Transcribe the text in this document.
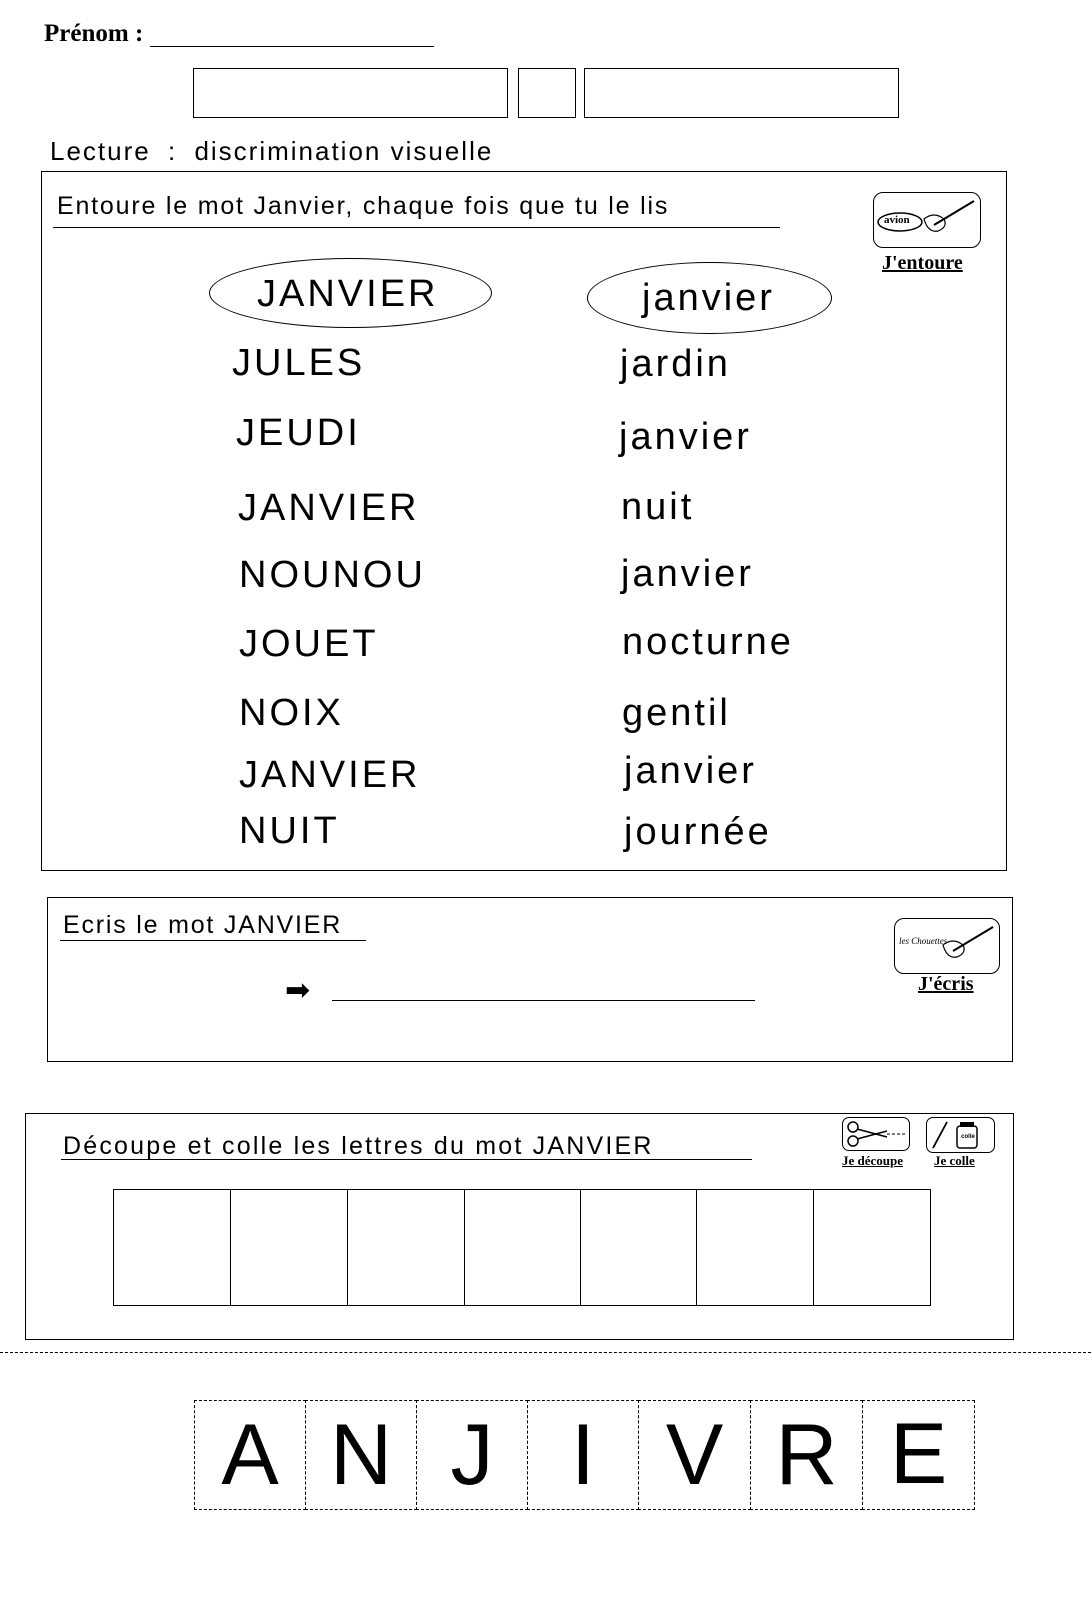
Prénom :
Lecture : discrimination visuelle
Entoure le mot Janvier, chaque fois que tu le lis	avion
J'entoure
JANVIER
JULES
JEUDI
JANVIER
NOUNOU
JOUET
NOIX
JANVIER
NUIT
janvier
jardin
janvier
nuit
janvier
nocturne
gentil
janvier
journée
Ecris le mot JANVIER
➡
les Chouettes
J'écris
Découpe et colle les lettres du mot JANVIER
Je découpe
colle
Je colle
A N J I V R E
